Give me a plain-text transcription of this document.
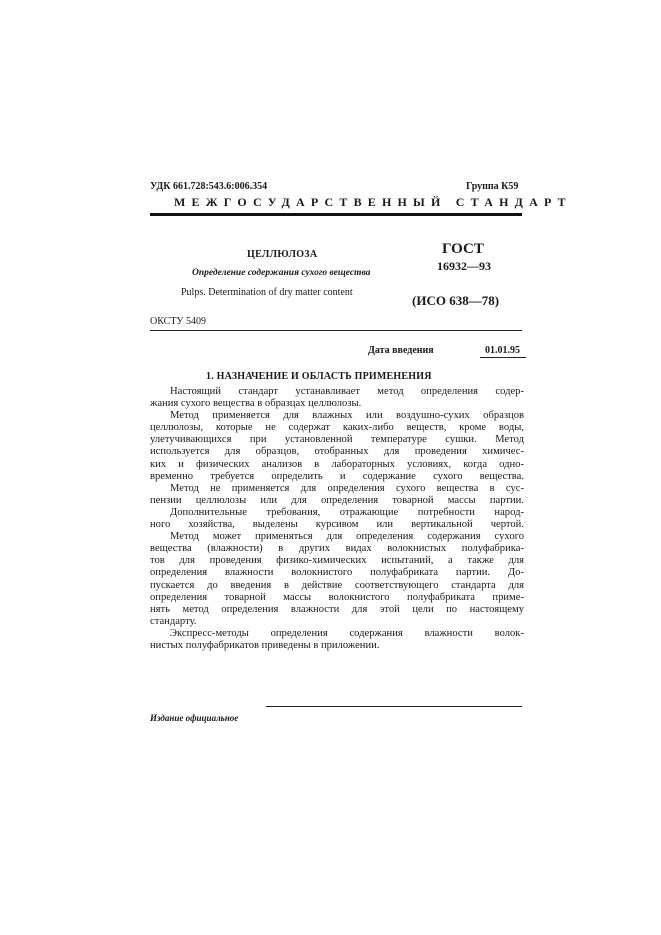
УДК 661.728:543.6:006.354	Группа К59
МЕЖГОСУДАРСТВЕННЫЙ СТАНДАРТ
ЦЕЛЛЮЛОЗА	ГОСТ
16932—93
Определение содержания сухого вещества
Pulps. Determination of dry matter content
(ИСО 638—78)
ОКСТУ 5409
Дата введения	01.01.95
1. НАЗНАЧЕНИЕ И ОБЛАСТЬ ПРИМЕНЕНИЯ
Настоящий стандарт устанавливает метод определения содер-
жания сухого вещества в образцах целлюлозы.
Метод применяется для влажных или воздушно-сухих образцов
целлюлозы, которые не содержат каких-либо веществ, кроме воды,
улетучивающихся при установленной температуре сушки. Метод
используется для образцов, отобранных для проведения химичес-
ких и физических анализов в лабораторных условиях, когда одно-
временно требуется определить и содержание сухого вещества.
Метод не применяется для определения сухого вещества в сус-
пензии целлюлозы или для определения товарной массы партии.
Дополнительные требования, отражающие потребности народ-
ного хозяйства, выделены курсивом или вертикальной чертой.
Метод может применяться для определения содержания сухого
вещества (влажности) в других видах волокнистых полуфабрика-
тов для проведения физико-химических испытаний, а также для
определения влажности волокнистого полуфабриката партии. До-
пускается до введения в действие соответствующего стандарта для
определения товарной массы волокнистого полуфабриката приме-
нять метод определения влажности для этой цели по настоящему
стандарту.
Экспресс-методы определения содержания влажности волок-
нистых полуфабрикатов приведены в приложении.
Издание официальное
